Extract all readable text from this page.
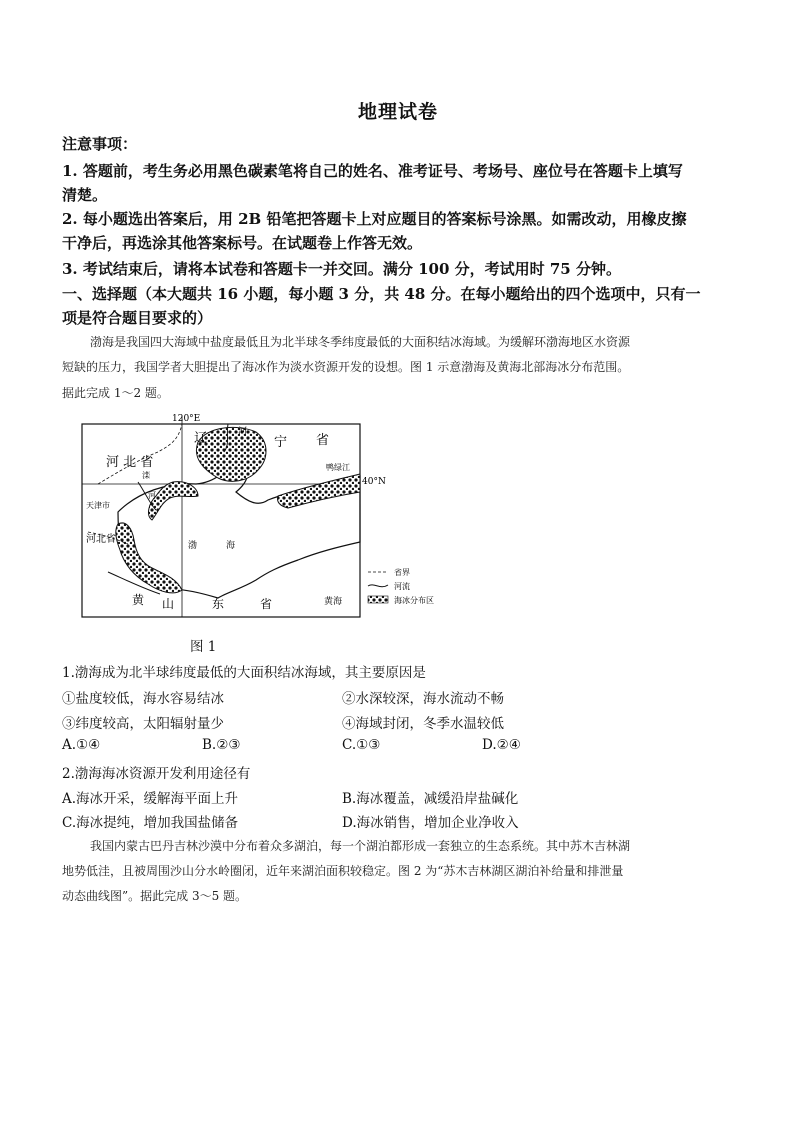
地理试卷
注意事项：
1. 答题前，考生务必用黑色碳素笔将自己的姓名、准考证号、考场号、座位号在答题卡上填写
清楚。
2. 每小题选出答案后，用 2B 铅笔把答题卡上对应题目的答案标号涂黑。如需改动，用橡皮擦
干净后，再选涂其他答案标号。在试题卷上作答无效。
3. 考试结束后，请将本试卷和答题卡一并交回。满分 100 分，考试用时 75 分钟。
一、选择题（本大题共 16 小题，每小题 3 分，共 48 分。在每小题给出的四个选项中，只有一
项是符合题目要求的）
渤海是我国四大海域中盐度最低且为北半球冬季纬度最低的大面积结冰海域。为缓解环渤海地区水资源
短缺的压力，我国学者大胆提出了海冰作为淡水资源开发的设想。图 1 示意渤海及黄海北部海冰分布范围。
据此完成 1～2 题。
120°E
40°N
辽	宁 省
河
河 北 省
天津市
河北省
滦
河
渤	海
鸭绿江
黄 山	东	省	黄海
省界
河流
海冰分布区
图 1
1.渤海成为北半球纬度最低的大面积结冰海域，其主要原因是
①盐度较低，海水容易结冰	②水深较深，海水流动不畅
③纬度较高，太阳辐射量少	④海域封闭，冬季水温较低
A.①④	B.②③	C.①③	D.②④
2.渤海海冰资源开发利用途径有
A.海冰开采，缓解海平面上升	B.海冰覆盖，减缓沿岸盐碱化
C.海冰提纯，增加我国盐储备	D.海冰销售，增加企业净收入
我国内蒙古巴丹吉林沙漠中分布着众多湖泊，每一个湖泊都形成一套独立的生态系统。其中苏木吉林湖
地势低洼，且被周围沙山分水岭圈闭，近年来湖泊面积较稳定。图 2 为“苏木吉林湖区湖泊补给量和排泄量
动态曲线图”。据此完成 3～5 题。
